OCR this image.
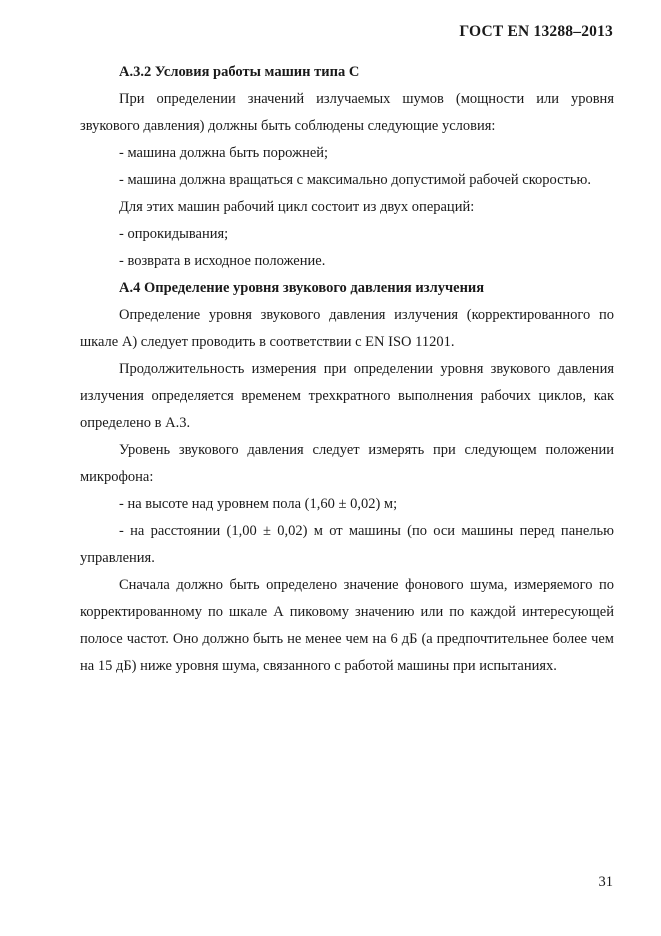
ГОСТ EN 13288–2013

А.3.2 Условия работы машин типа С

При определении значений излучаемых шумов (мощности или уровня звукового давления) должны быть соблюдены следующие условия:

- машина должна быть порожней;

- машина должна вращаться с максимально допустимой рабочей скоростью.

Для этих машин рабочий цикл состоит из двух операций:

- опрокидывания;

- возврата в исходное положение.

А.4 Определение уровня звукового давления излучения

Определение уровня звукового давления излучения (корректированного по шкале А) следует проводить в соответствии с EN ISO 11201.

Продолжительность измерения при определении уровня звукового давления излучения определяется временем трехкратного выполнения рабочих циклов, как определено в А.3.

Уровень звукового давления следует измерять при следующем положении микрофона:

- на высоте над уровнем пола (1,60 ± 0,02) м;

- на расстоянии (1,00 ± 0,02) м от машины (по оси машины перед панелью управления.

Сначала должно быть определено значение фонового шума, измеряемого по корректированному по шкале А пиковому значению или по каждой интересующей полосе частот. Оно должно быть не менее чем на 6 дБ (а предпочтительнее более чем на 15 дБ) ниже уровня шума, связанного с работой машины при испытаниях.

31
